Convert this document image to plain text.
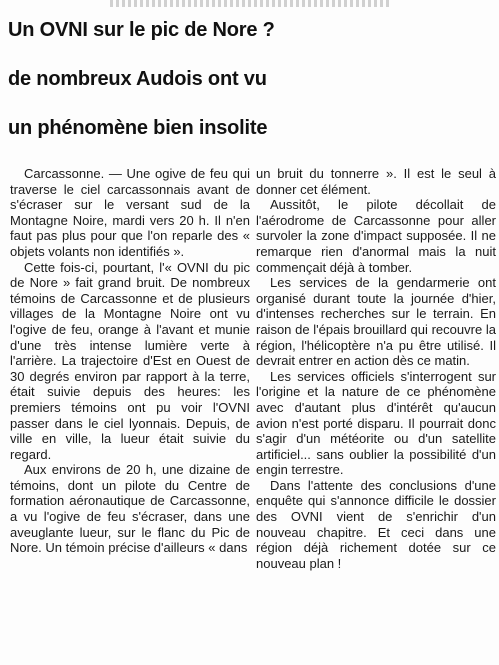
Un OVNI sur le pic de Nore ?
de nombreux Audois ont vu
un phénomène bien insolite

Carcassonne. — Une ogive de feu qui traverse le ciel carcassonnais avant de s'écraser sur le versant sud de la Montagne Noire, mardi vers 20 h. Il n'en faut pas plus pour que l'on reparle des « objets volants non identifiés ».

Cette fois-ci, pourtant, l'« OVNI du pic de Nore » fait grand bruit. De nombreux témoins de Carcassonne et de plusieurs villages de la Montagne Noire ont vu l'ogive de feu, orange à l'avant et munie d'une très intense lumière verte à l'arrière. La trajectoire d'Est en Ouest de 30 degrés environ par rapport à la terre, était suivie depuis des heures: les premiers témoins ont pu voir l'OVNI passer dans le ciel lyonnais. Depuis, de ville en ville, la lueur était suivie du regard.

Aux environs de 20 h, une dizaine de témoins, dont un pilote du Centre de formation aéronautique de Carcassonne, a vu l'ogive de feu s'écraser, dans une aveuglante lueur, sur le flanc du Pic de Nore. Un témoin précise d'ailleurs « dans

un bruit du tonnerre ». Il est le seul à donner cet élément.

Aussitôt, le pilote décollait de l'aérodrome de Carcassonne pour aller survoler la zone d'impact supposée. Il ne remarque rien d'anormal mais la nuit commençait déjà à tomber.

Les services de la gendarmerie ont organisé durant toute la journée d'hier, d'intenses recherches sur le terrain. En raison de l'épais brouillard qui recouvre la région, l'hélicoptère n'a pu être utilisé. Il devrait entrer en action dès ce matin.

Les services officiels s'interrogent sur l'origine et la nature de ce phénomène avec d'autant plus d'intérêt qu'aucun avion n'est porté disparu. Il pourrait donc s'agir d'un météorite ou d'un satellite artificiel... sans oublier la possibilité d'un engin terrestre.

Dans l'attente des conclusions d'une enquête qui s'annonce difficile le dossier des OVNI vient de s'enrichir d'un nouveau chapitre. Et ceci dans une région déjà richement dotée sur ce nouveau plan !
